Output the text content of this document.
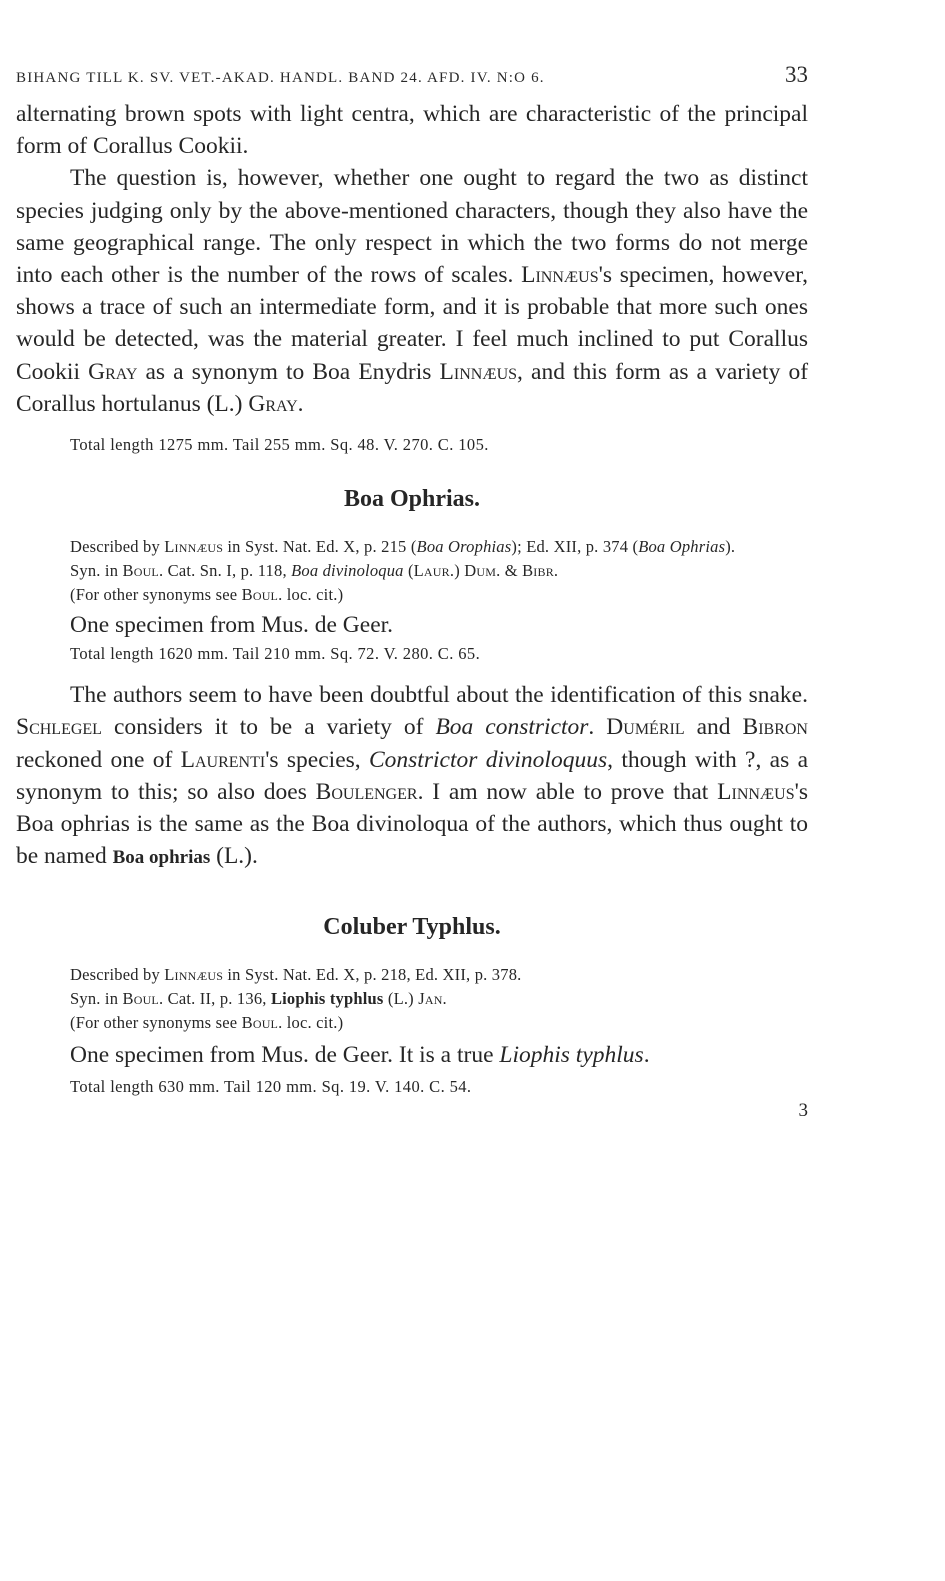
BIHANG TILL K. SV. VET.-AKAD. HANDL. BAND 24. AFD. IV. N:O 6.	33

alternating brown spots with light centra, which are characteristic of the principal form of Corallus Cookii.

The question is, however, whether one ought to regard the two as distinct species judging only by the above-mentioned characters, though they also have the same geographical range. The only respect in which the two forms do not merge into each other is the number of the rows of scales. Linnæus's specimen, however, shows a trace of such an intermediate form, and it is probable that more such ones would be detected, was the material greater. I feel much inclined to put Corallus Cookii Gray as a synonym to Boa Enydris Linnæus, and this form as a variety of Corallus hortulanus (L.) Gray.

Total length 1275 mm. Tail 255 mm. Sq. 48. V. 270. C. 105.

Boa Ophrias.

Described by Linnæus in Syst. Nat. Ed. X, p. 215 (Boa Orophias); Ed. XII, p. 374 (Boa Ophrias).

Syn. in Boul. Cat. Sn. I, p. 118, Boa divinoloqua (Laur.) Dum. & Bibr.

(For other synonyms see Boul. loc. cit.)

One specimen from Mus. de Geer.

Total length 1620 mm. Tail 210 mm. Sq. 72. V. 280. C. 65.

The authors seem to have been doubtful about the identification of this snake. Schlegel considers it to be a variety of Boa constrictor. Duméril and Bibron reckoned one of Laurenti's species, Constrictor divinoloquus, though with ?, as a synonym to this; so also does Boulenger. I am now able to prove that Linnæus's Boa ophrias is the same as the Boa divinoloqua of the authors, which thus ought to be named Boa ophrias (L.).

Coluber Typhlus.

Described by Linnæus in Syst. Nat. Ed. X, p. 218, Ed. XII, p. 378.

Syn. in Boul. Cat. II, p. 136, Liophis typhlus (L.) Jan.

(For other synonyms see Boul. loc. cit.)

One specimen from Mus. de Geer. It is a true Liophis typhlus.

Total length 630 mm. Tail 120 mm. Sq. 19. V. 140. C. 54.

3
